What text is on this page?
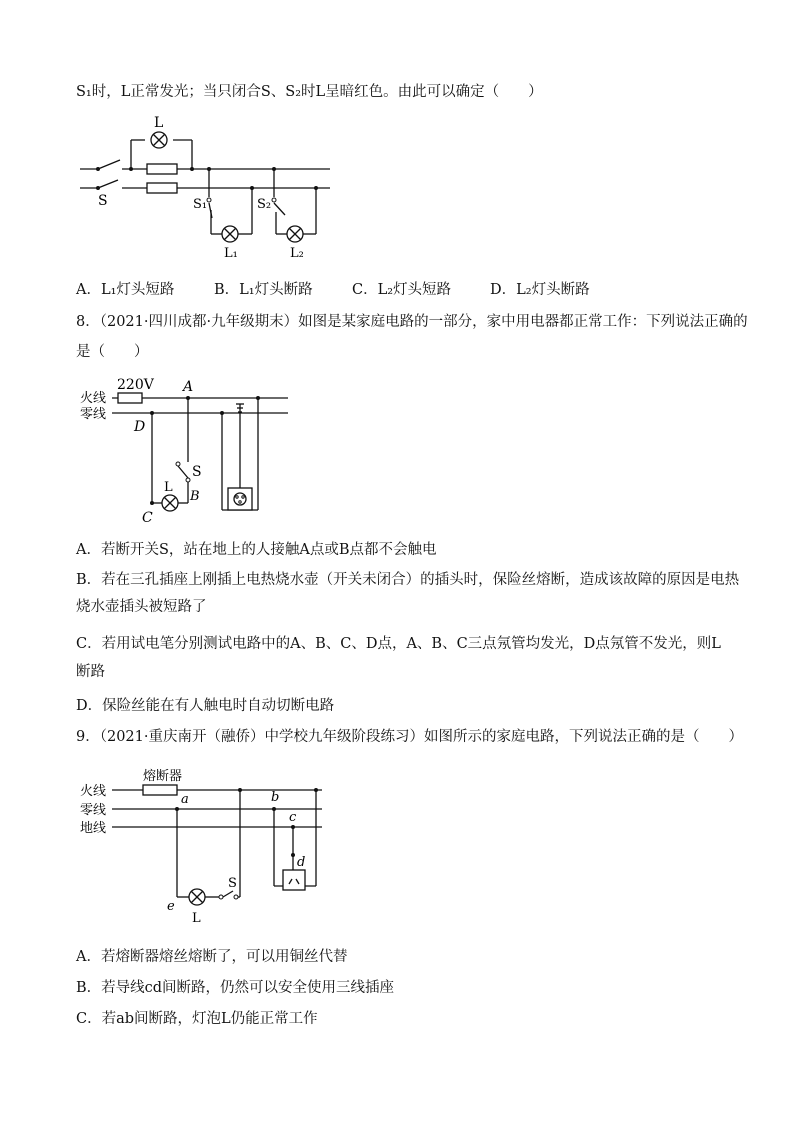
S₁时，L正常发光；当只闭合S、S₂时L呈暗红色。由此可以确定（　　）
L
S	S₁	S₂
L₁	L₂
A．L₁灯头短路	B．L₁灯头断路	C．L₂灯头短路	D．L₂灯头断路
8．（2021·四川成都·九年级期末）如图是某家庭电路的一部分，家中用电器都正常工作：下列说法正确的
是（　　）
火线
零线
220V A
D
S
L
B
C
A．若断开关S，站在地上的人接触A点或B点都不会触电
B．若在三孔插座上刚插上电热烧水壶（开关未闭合）的插头时，保险丝熔断，造成该故障的原因是电热
烧水壶插头被短路了
C．若用试电笔分别测试电路中的A、B、C、D点，A、B、C三点氖管均发光，D点氖管不发光，则L
断路
D．保险丝能在有人触电时自动切断电路
9．（2021·重庆南开（融侨）中学校九年级阶段练习）如图所示的家庭电路，下列说法正确的是（　　）
熔断器
火线
零线
地线
a	b
c
d
e
L
S
A．若熔断器熔丝熔断了，可以用铜丝代替
B．若导线cd间断路，仍然可以安全使用三线插座
C．若ab间断路，灯泡L仍能正常工作
